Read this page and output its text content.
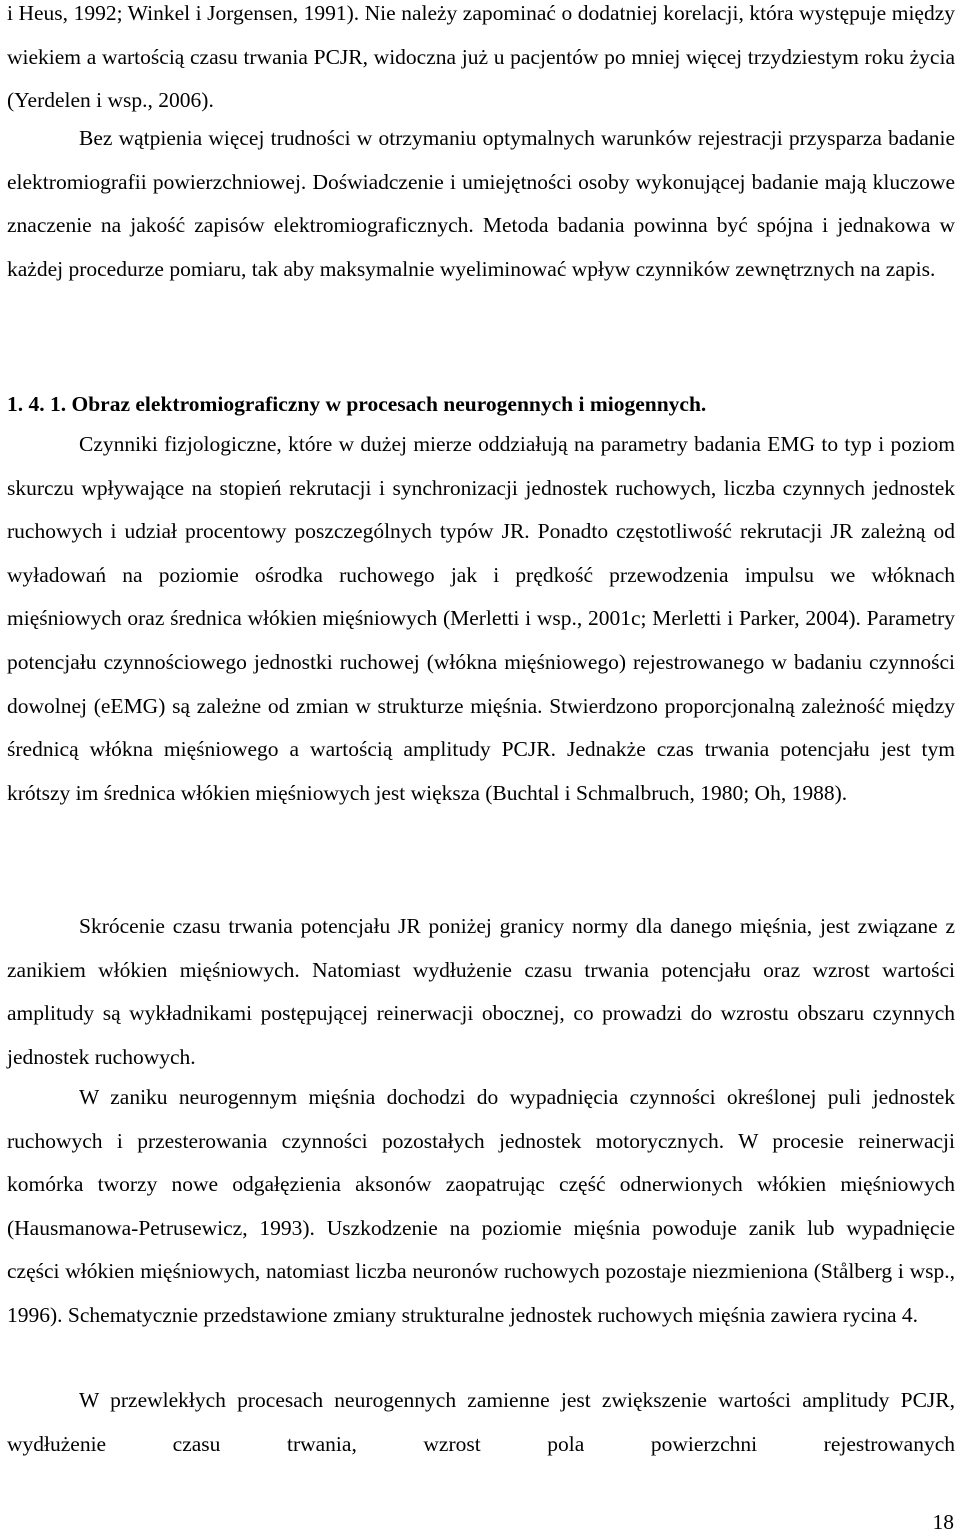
i Heus, 1992; Winkel i Jorgensen, 1991). Nie należy zapominać o dodatniej korelacji, która występuje między wiekiem a wartością czasu trwania PCJR, widoczna już u pacjentów po mniej więcej trzydziestym roku życia (Yerdelen i wsp., 2006).

Bez wątpienia więcej trudności w otrzymaniu optymalnych warunków rejestracji przysparza badanie elektromiografii powierzchniowej. Doświadczenie i umiejętności osoby wykonującej badanie mają kluczowe znaczenie na jakość zapisów elektromiograficznych. Metoda badania powinna być spójna i jednakowa w każdej procedurze pomiaru, tak aby maksymalnie wyeliminować wpływ czynników zewnętrznych na zapis.

1. 4. 1. Obraz elektromiograficzny w procesach neurogennych i miogennych.

Czynniki fizjologiczne, które w dużej mierze oddziałują na parametry badania EMG to typ i poziom skurczu wpływające na stopień rekrutacji i synchronizacji jednostek ruchowych, liczba czynnych jednostek ruchowych i udział procentowy poszczególnych typów JR. Ponadto częstotliwość rekrutacji JR zależną od wyładowań na poziomie ośrodka ruchowego jak i prędkość przewodzenia impulsu we włóknach mięśniowych oraz średnica włókien mięśniowych (Merletti i wsp., 2001c; Merletti i Parker, 2004). Parametry potencjału czynnościowego jednostki ruchowej (włókna mięśniowego) rejestrowanego w badaniu czynności dowolnej (eEMG) są zależne od zmian w strukturze mięśnia. Stwierdzono proporcjonalną zależność między średnicą włókna mięśniowego a wartością amplitudy PCJR. Jednakże czas trwania potencjału jest tym krótszy im średnica włókien mięśniowych jest większa (Buchtal i Schmalbruch, 1980; Oh, 1988).

Skrócenie czasu trwania potencjału JR poniżej granicy normy dla danego mięśnia, jest związane z zanikiem włókien mięśniowych. Natomiast wydłużenie czasu trwania potencjału oraz wzrost wartości amplitudy są wykładnikami postępującej reinerwacji obocznej, co prowadzi do wzrostu obszaru czynnych jednostek ruchowych.

W zaniku neurogennym mięśnia dochodzi do wypadnięcia czynności określonej puli jednostek ruchowych i przesterowania czynności pozostałych jednostek motorycznych. W procesie reinerwacji komórka tworzy nowe odgałęzienia aksonów zaopatrując część odnerwionych włókien mięśniowych (Hausmanowa-Petrusewicz, 1993). Uszkodzenie na poziomie mięśnia powoduje zanik lub wypadnięcie części włókien mięśniowych, natomiast liczba neuronów ruchowych pozostaje niezmieniona (Stålberg i wsp., 1996). Schematycznie przedstawione zmiany strukturalne jednostek ruchowych mięśnia zawiera rycina 4.

W przewlekłych procesach neurogennych zamienne jest zwiększenie wartości amplitudy PCJR, wydłużenie czasu trwania, wzrost pola powierzchni rejestrowanych

18
